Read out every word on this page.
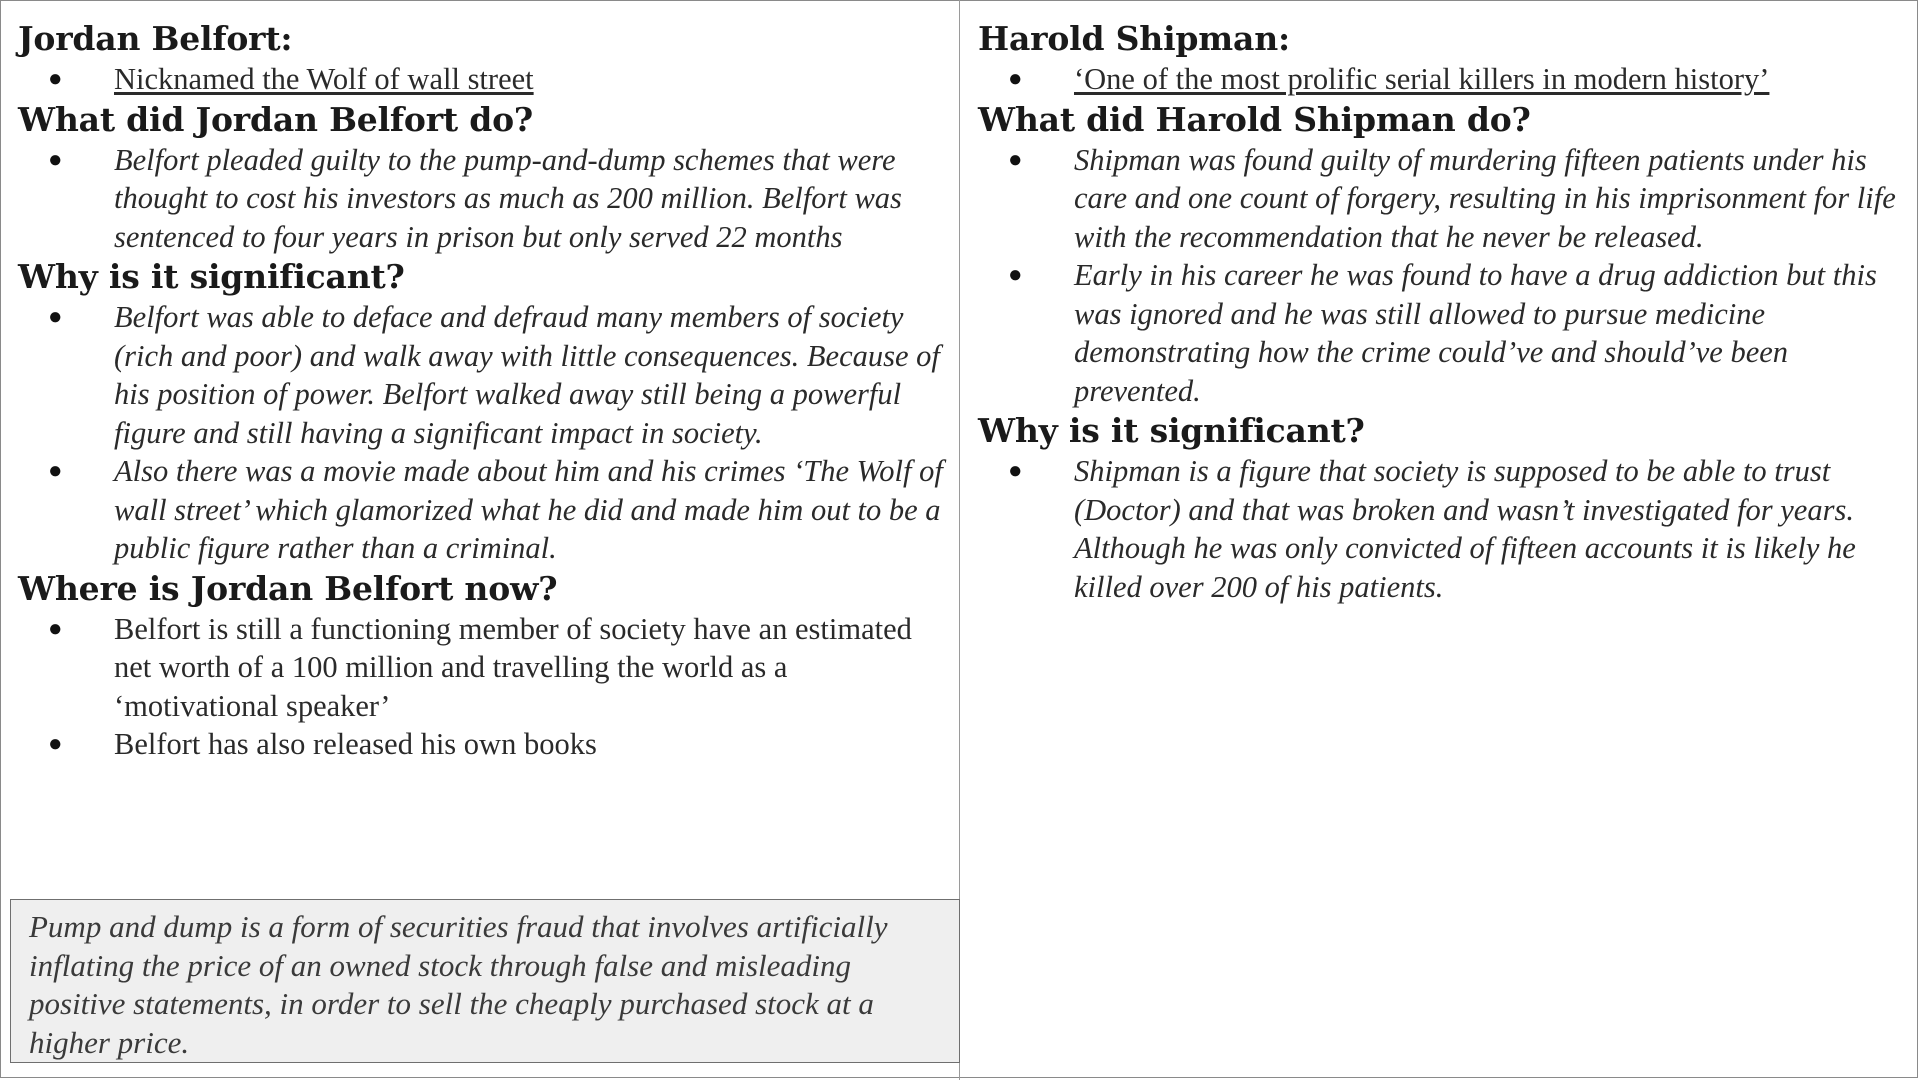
Jordan Belfort:
● Nicknamed the Wolf of wall street
What did Jordan Belfort do?
● Belfort pleaded guilty to the pump-and-dump schemes that were thought to cost his investors as much as 200 million. Belfort was sentenced to four years in prison but only served 22 months
Why is it significant?
● Belfort was able to deface and defraud many members of society (rich and poor) and walk away with little consequences. Because of his position of power. Belfort walked away still being a powerful figure and still having a significant impact in society.
● Also there was a movie made about him and his crimes ‘The Wolf of wall street’ which glamorized what he did and made him out to be a public figure rather than a criminal.
Where is Jordan Belfort now?
● Belfort is still a functioning member of society have an estimated net worth of a 100 million and travelling the world as a ‘motivational speaker’
● Belfort has also released his own books
Pump and dump is a form of securities fraud that involves artificially inflating the price of an owned stock through false and misleading positive statements, in order to sell the cheaply purchased stock at a higher price.
Harold Shipman:
● ‘One of the most prolific serial killers in modern history’
What did Harold Shipman do?
● Shipman was found guilty of murdering fifteen patients under his care and one count of forgery, resulting in his imprisonment for life with the recommendation that he never be released.
● Early in his career he was found to have a drug addiction but this was ignored and he was still allowed to pursue medicine demonstrating how the crime could’ve and should’ve been prevented.
Why is it significant?
● Shipman is a figure that society is supposed to be able to trust (Doctor) and that was broken and wasn’t investigated for years. Although he was only convicted of fifteen accounts it is likely he killed over 200 of his patients.
